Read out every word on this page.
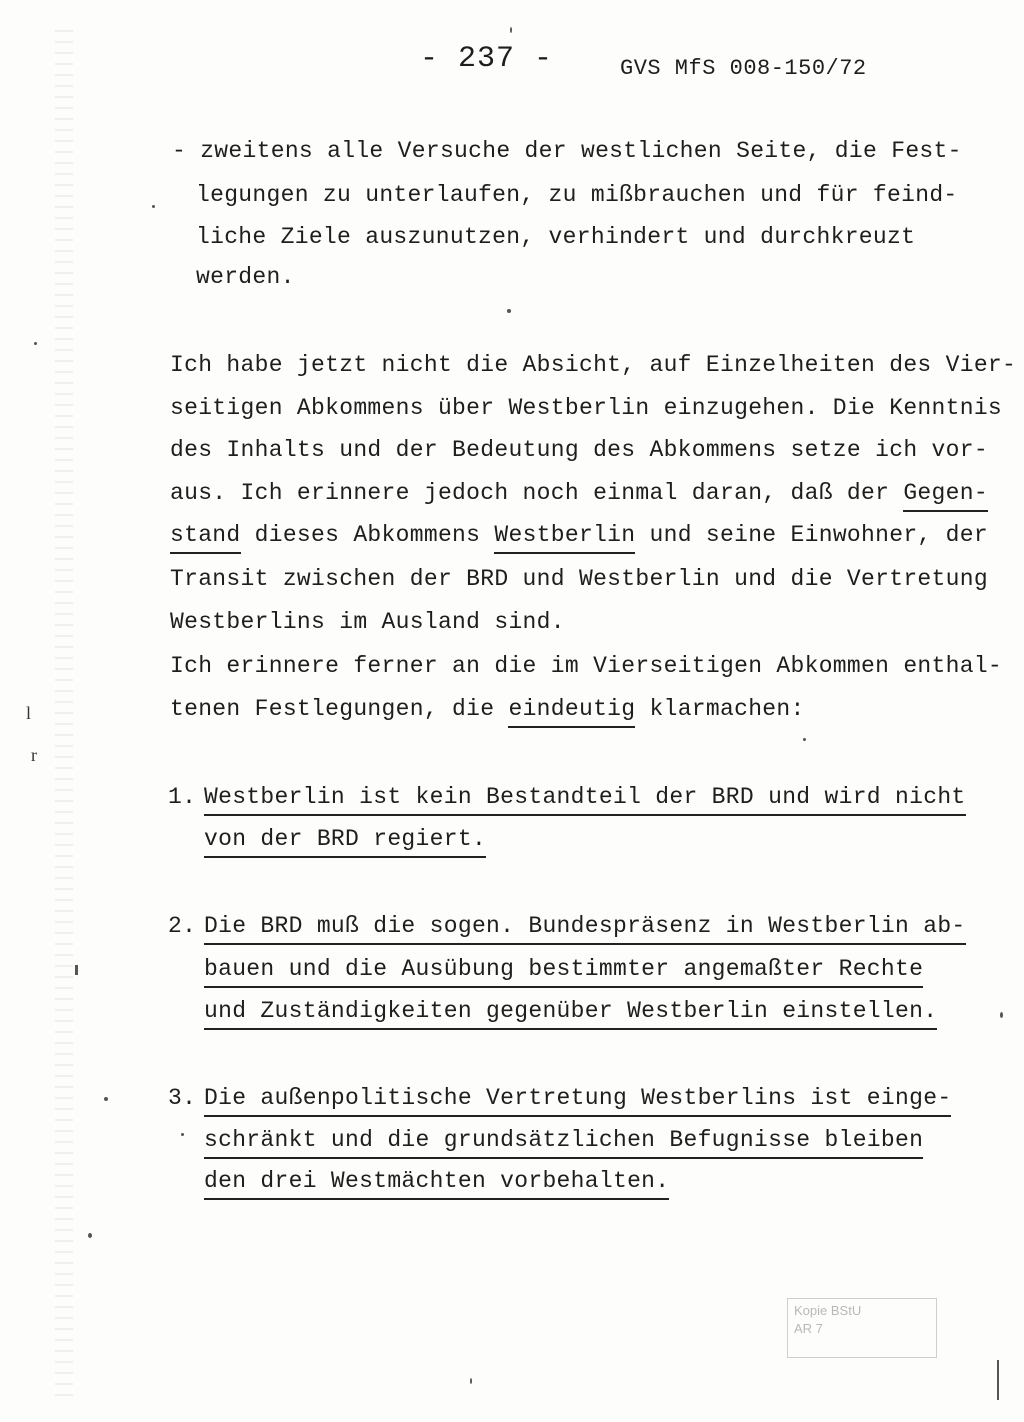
- 237 -	GVS MfS 008-150/72
- zweitens alle Versuche der westlichen Seite, die Fest-
legungen zu unterlaufen, zu mißbrauchen und für feind-
liche Ziele auszunutzen, verhindert und durchkreuzt
werden.
Ich habe jetzt nicht die Absicht, auf Einzelheiten des Vier-
seitigen Abkommens über Westberlin einzugehen. Die Kenntnis
des Inhalts und der Bedeutung des Abkommens setze ich vor-
aus. Ich erinnere jedoch noch einmal daran, daß der Gegen-
stand dieses Abkommens Westberlin und seine Einwohner, der
Transit zwischen der BRD und Westberlin und die Vertretung
Westberlins im Ausland sind.
Ich erinnere ferner an die im Vierseitigen Abkommen enthal-
tenen Festlegungen, die eindeutig klarmachen:
1. Westberlin ist kein Bestandteil der BRD und wird nicht
von der BRD regiert.
2. Die BRD muß die sogen. Bundespräsenz in Westberlin ab-
bauen und die Ausübung bestimmter angemaßter Rechte
und Zuständigkeiten gegenüber Westberlin einstellen.
3. Die außenpolitische Vertretung Westberlins ist einge-
schränkt und die grundsätzlichen Befugnisse bleiben
den drei Westmächten vorbehalten.
l
r
Kopie BStU
AR 7
